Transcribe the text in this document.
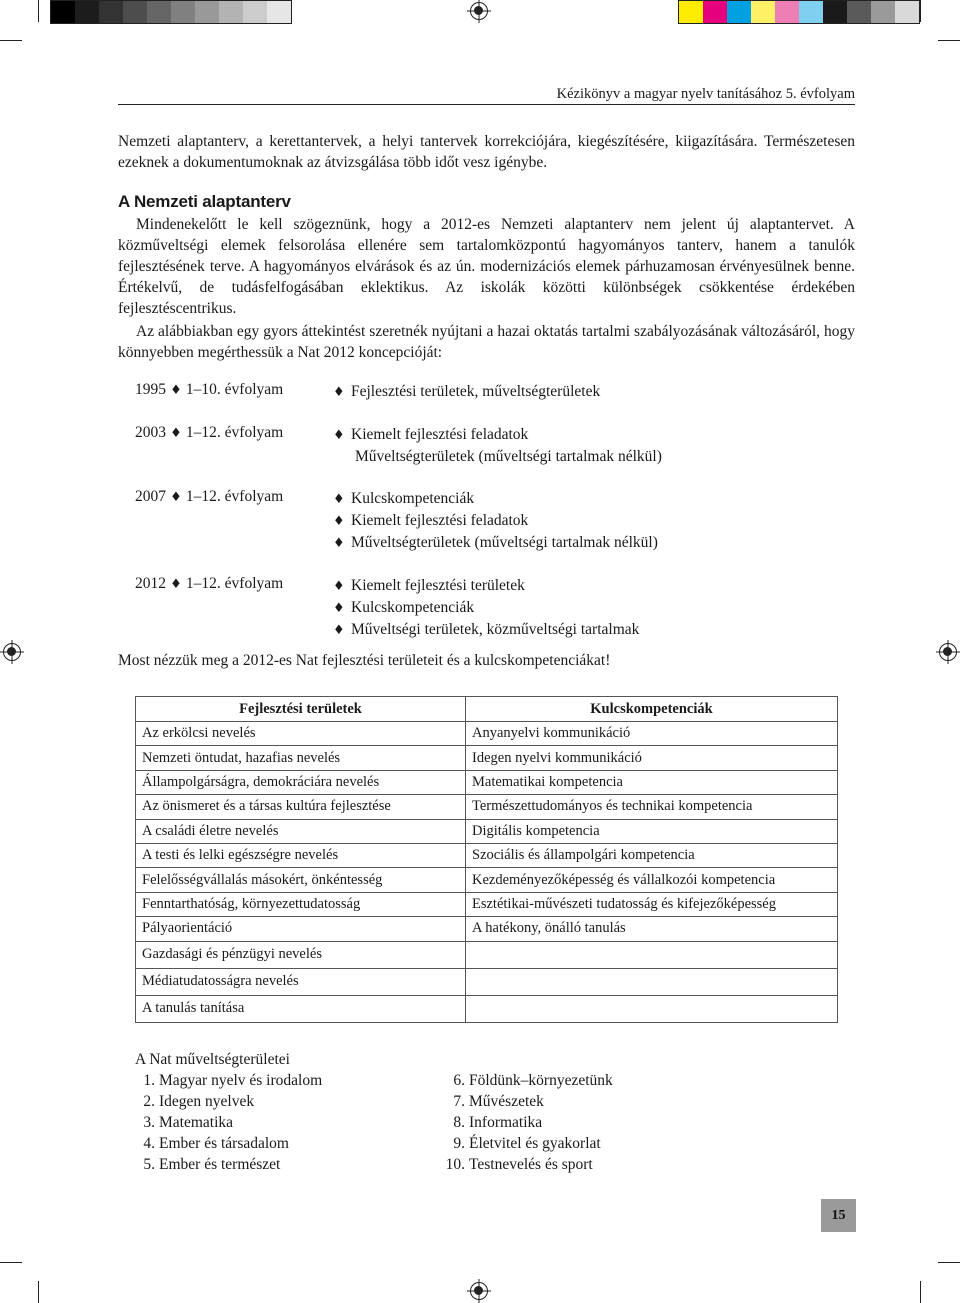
Kézikönyv a magyar nyelv tanításához 5. évfolyam

Nemzeti alaptanterv, a kerettantervek, a helyi tantervek korrekciójára, kiegészítésére, kiigazítására. Természetesen ezeknek a dokumentumoknak az átvizsgálása több időt vesz igénybe.

A Nemzeti alaptanterv

Mindenekelőtt le kell szögeznünk, hogy a 2012-es Nemzeti alaptanterv nem jelent új alaptantervet. A közműveltségi elemek felsorolása ellenére sem tartalomközpontú hagyományos tanterv, hanem a tanulók fejlesztésének terve. A hagyományos elvárások és az ún. modernizációs elemek párhuzamosan érvényesülnek benne. Értékelvű, de tudásfelfogásában eklektikus. Az iskolák közötti különbségek csökkentése érdekében fejlesztéscentrikus.

Az alábbiakban egy gyors áttekintést szeretnék nyújtani a hazai oktatás tartalmi szabályozásának változásáról, hogy könnyebben megérthessük a Nat 2012 koncepcióját:

1995 ♦ 1–10. évfolyam	♦ Fejlesztési területek, műveltségterületek
2003 ♦ 1–12. évfolyam	♦ Kiemelt fejlesztési feladatok
Műveltségterületek (műveltségi tartalmak nélkül)
2007 ♦ 1–12. évfolyam	♦ Kulcskompetenciák
♦ Kiemelt fejlesztési feladatok
♦ Műveltségterületek (műveltségi tartalmak nélkül)
2012 ♦ 1–12. évfolyam	♦ Kiemelt fejlesztési területek
♦ Kulcskompetenciák
♦ Műveltségi területek, közműveltségi tartalmak

Most nézzük meg a 2012-es Nat fejlesztési területeit és a kulcskompetenciákat!

Fejlesztési területek	Kulcskompetenciák
Az erkölcsi nevelés	Anyanyelvi kommunikáció
Nemzeti öntudat, hazafias nevelés	Idegen nyelvi kommunikáció
Állampolgárságra, demokráciára nevelés	Matematikai kompetencia
Az önismeret és a társas kultúra fejlesztése	Természettudományos és technikai kompetencia
A családi életre nevelés	Digitális kompetencia
A testi és lelki egészségre nevelés	Szociális és állampolgári kompetencia
Felelősségvállalás másokért, önkéntesség	Kezdeményezőképesség és vállalkozói kompetencia
Fenntarthatóság, környezettudatosság	Esztétikai-művészeti tudatosság és kifejezőképesség
Pályaorientáció	A hatékony, önálló tanulás
Gazdasági és pénzügyi nevelés	
Médiatudatosságra nevelés	
A tanulás tanítása	

A Nat műveltségterületei

1. Magyar nyelv és irodalom
2. Idegen nyelvek
3. Matematika
4. Ember és társadalom
5. Ember és természet
6. Földünk–környezetünk
7. Művészetek
8. Informatika
9. Életvitel és gyakorlat
10. Testnevelés és sport
15
